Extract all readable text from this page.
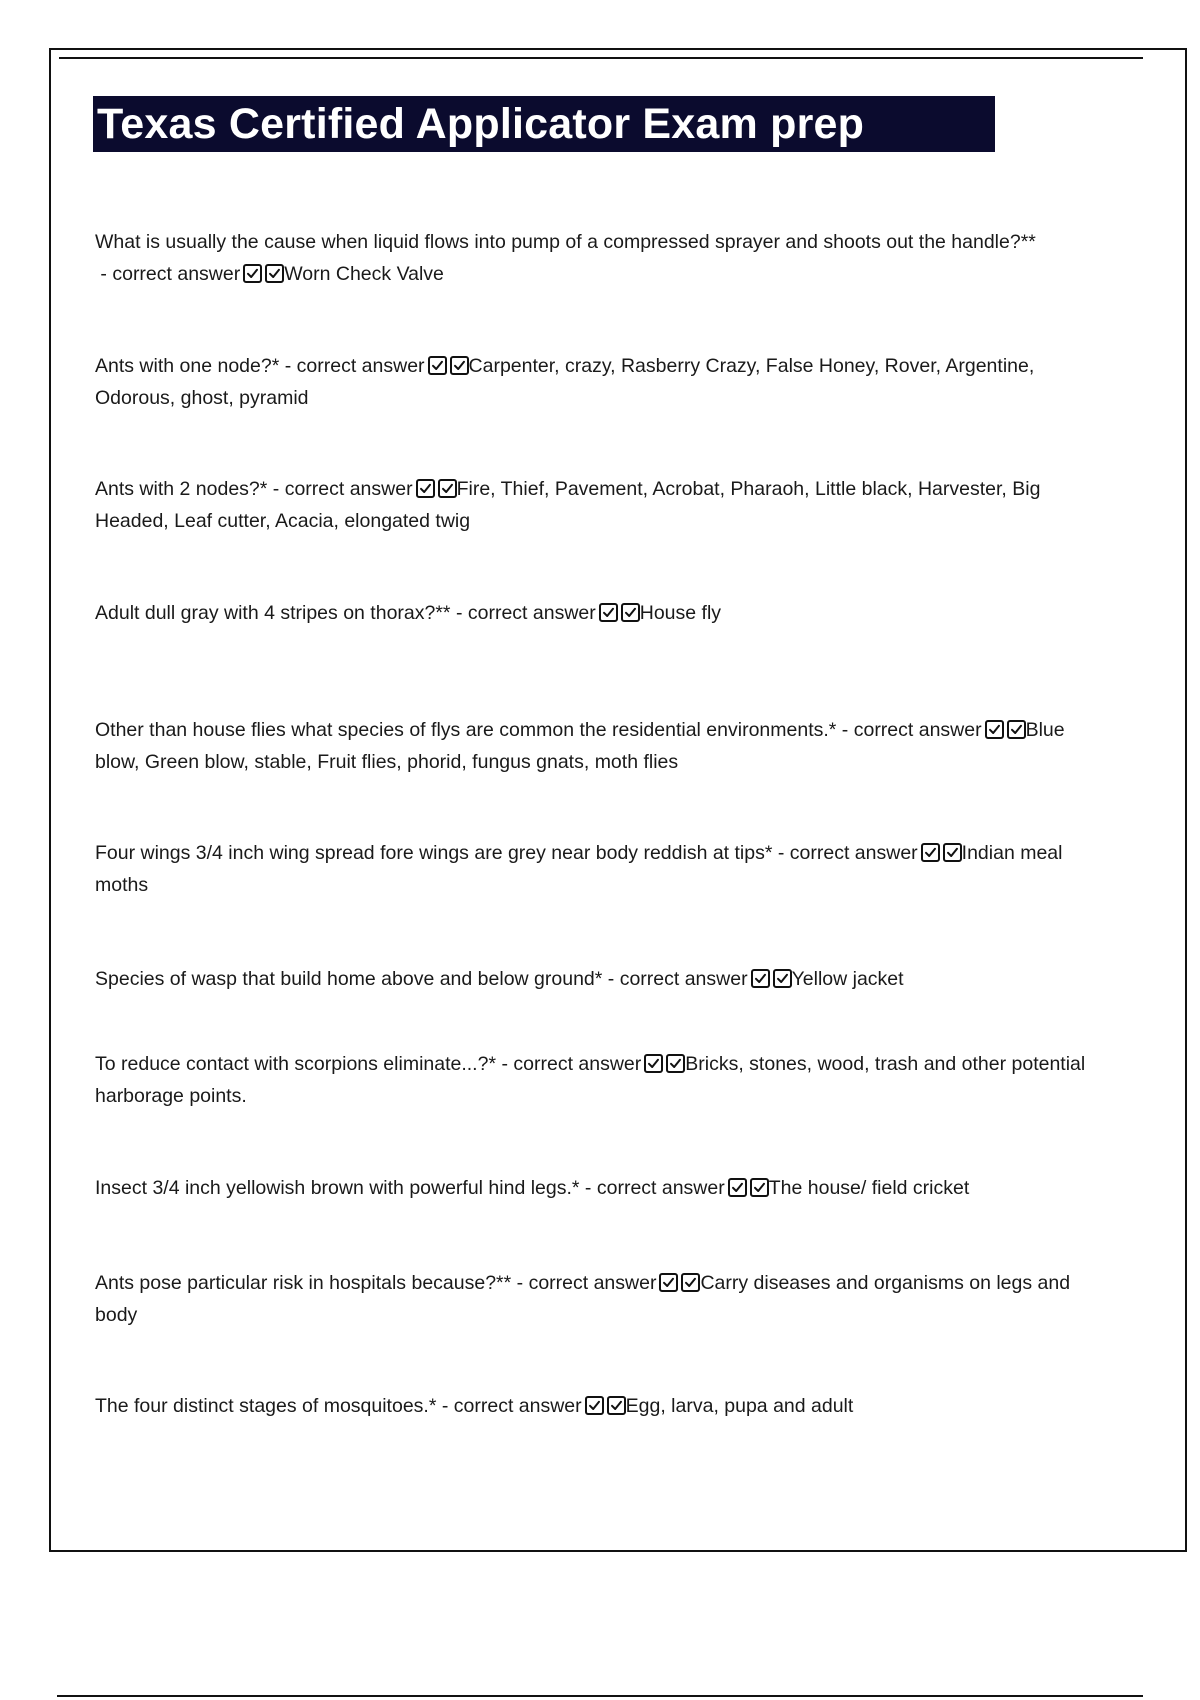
Texas Certified Applicator Exam prep
What is usually the cause when liquid flows into pump of a compressed sprayer and shoots out the handle?** - correct answer Worn Check Valve
Ants with one node?* - correct answer Carpenter, crazy, Rasberry Crazy, False Honey, Rover, Argentine, Odorous, ghost, pyramid
Ants with 2 nodes?* - correct answer Fire, Thief, Pavement, Acrobat, Pharaoh, Little black, Harvester, Big Headed, Leaf cutter, Acacia, elongated twig
Adult dull gray with 4 stripes on thorax?** - correct answer House fly
Other than house flies what species of flys are common the residential environments.* - correct answer Blue blow, Green blow, stable, Fruit flies, phorid, fungus gnats, moth flies
Four wings 3/4 inch wing spread fore wings are grey near body reddish at tips* - correct answer Indian meal moths
Species of wasp that build home above and below ground* - correct answer Yellow jacket
To reduce contact with scorpions eliminate...?* - correct answer Bricks, stones, wood, trash and other potential harborage points.
Insect 3/4 inch yellowish brown with powerful hind legs.* - correct answer The house/ field cricket
Ants pose particular risk in hospitals because?** - correct answer Carry diseases and organisms on legs and body
The four distinct stages of mosquitoes.* - correct answer Egg, larva, pupa and adult
